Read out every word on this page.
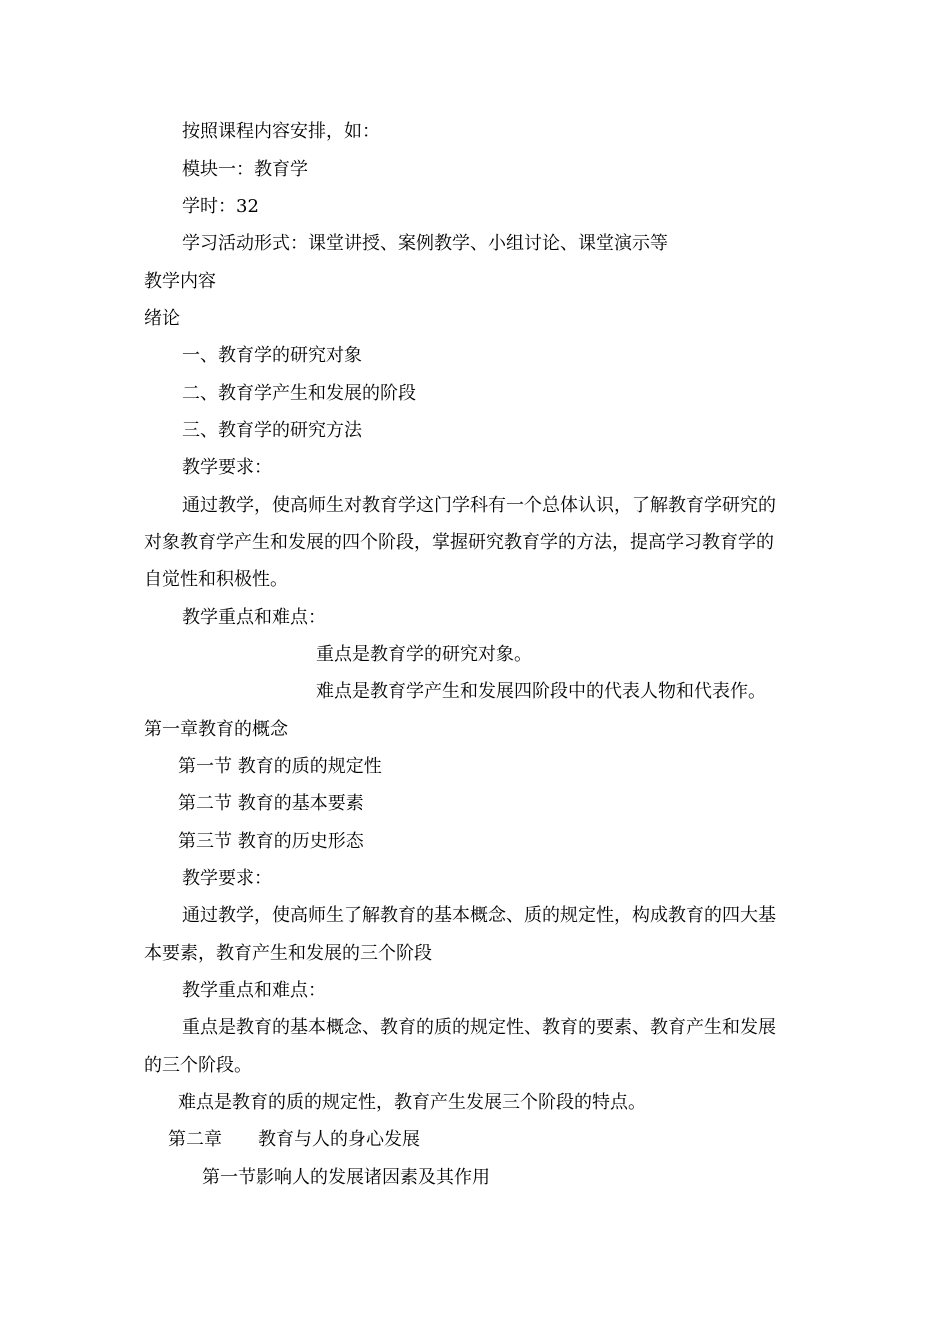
按照课程内容安排，如：
模块一：教育学
学时：32
学习活动形式：课堂讲授、案例教学、小组讨论、课堂演示等
教学内容
绪论
一、教育学的研究对象
二、教育学产生和发展的阶段
三、教育学的研究方法
教学要求：
通过教学，使高师生对教育学这门学科有一个总体认识，了解教育学研究的
对象教育学产生和发展的四个阶段，掌握研究教育学的方法，提高学习教育学的
自觉性和积极性。
教学重点和难点：
重点是教育学的研究对象。
难点是教育学产生和发展四阶段中的代表人物和代表作。
第一章教育的概念
第一节 教育的质的规定性
第二节 教育的基本要素
第三节 教育的历史形态
教学要求：
通过教学，使高师生了解教育的基本概念、质的规定性，构成教育的四大基
本要素，教育产生和发展的三个阶段
教学重点和难点：
重点是教育的基本概念、教育的质的规定性、教育的要素、教育产生和发展
的三个阶段。
难点是教育的质的规定性，教育产生发展三个阶段的特点。
第二章　　教育与人的身心发展
第一节影响人的发展诸因素及其作用
